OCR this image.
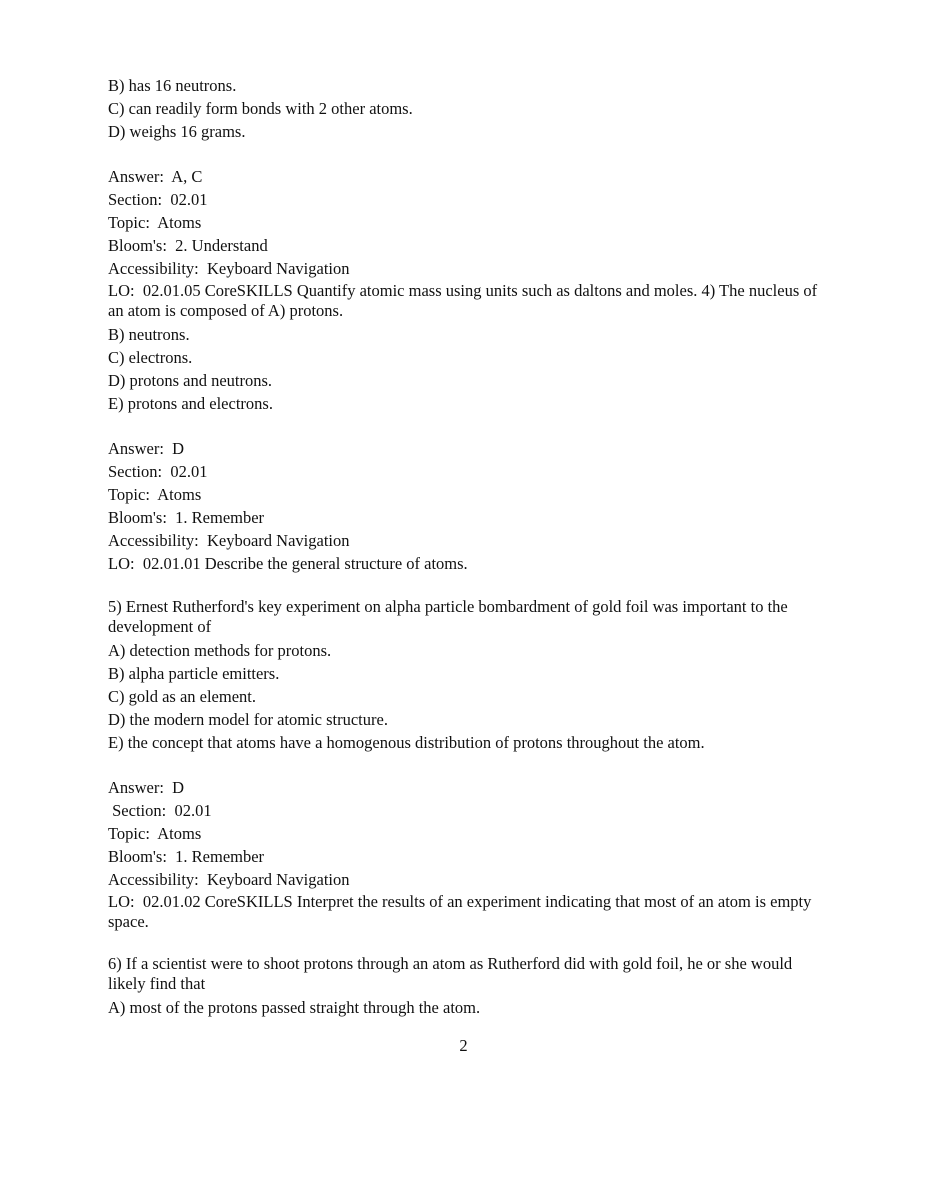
B) has 16 neutrons.

C) can readily form bonds with 2 other atoms.

D) weighs 16 grams.

Answer:  A, C

Section:  02.01

Topic:  Atoms

Bloom's:  2. Understand

Accessibility:  Keyboard Navigation

LO:  02.01.05 CoreSKILLS Quantify atomic mass using units such as daltons and moles. 4) The nucleus of an atom is composed of A) protons.

B) neutrons.

C) electrons.

D) protons and neutrons.

E) protons and electrons.

Answer:  D

Section:  02.01

Topic:  Atoms

Bloom's:  1. Remember

Accessibility:  Keyboard Navigation

LO:  02.01.01 Describe the general structure of atoms.

5) Ernest Rutherford's key experiment on alpha particle bombardment of gold foil was important to the development of

A) detection methods for protons.

B) alpha particle emitters.

C) gold as an element.

D) the modern model for atomic structure.

E) the concept that atoms have a homogenous distribution of protons throughout the atom.

Answer:  D

Section:  02.01

Topic:  Atoms

Bloom's:  1. Remember

Accessibility:  Keyboard Navigation

LO:  02.01.02 CoreSKILLS Interpret the results of an experiment indicating that most of an atom is empty space.

6) If a scientist were to shoot protons through an atom as Rutherford did with gold foil, he or she would likely find that

A) most of the protons passed straight through the atom.

2
